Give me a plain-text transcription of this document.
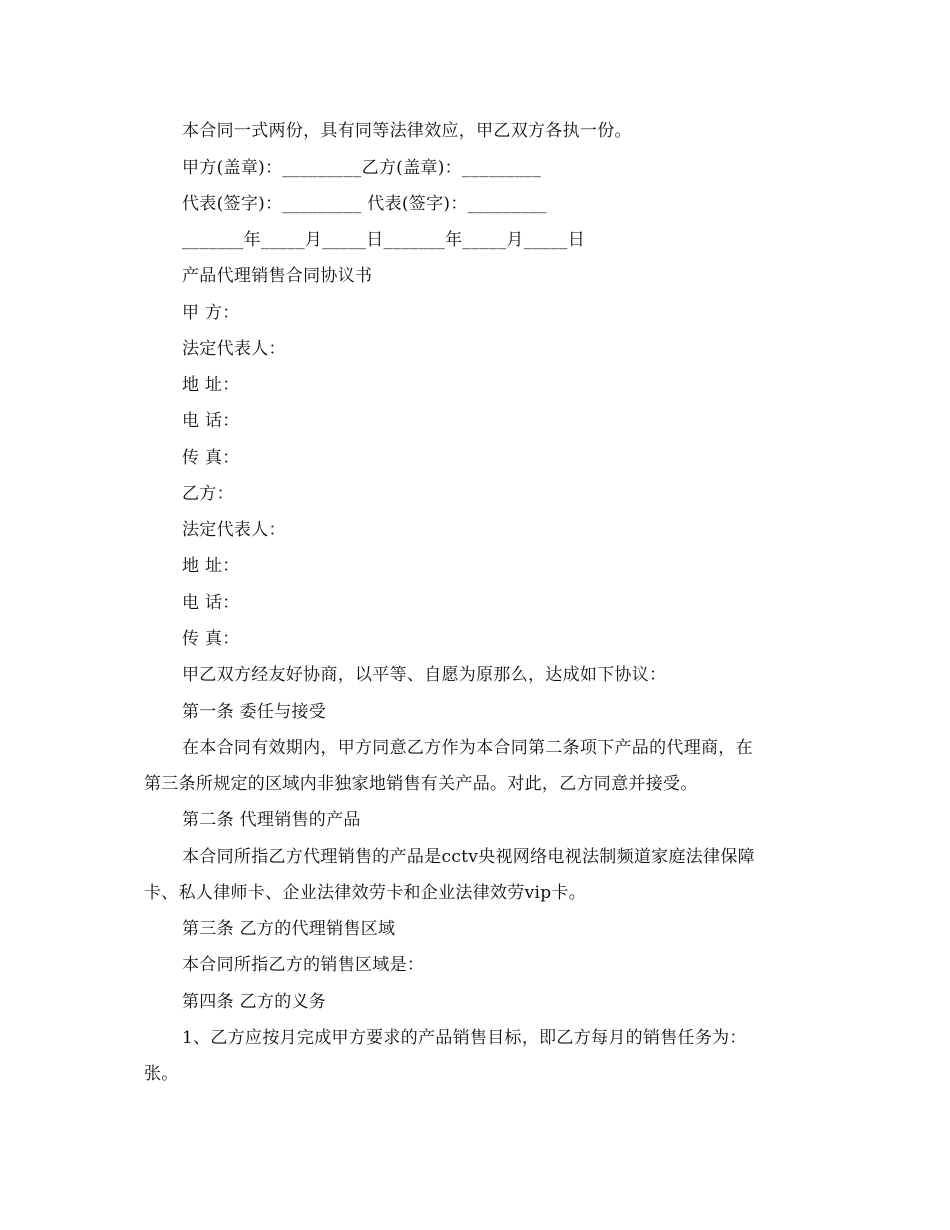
本合同一式两份，具有同等法律效应，甲乙双方各执一份。
甲方(盖章)：_________乙方(盖章)：_________
代表(签字)：_________ 代表(签字)：_________
_______年_____月_____日_______年_____月_____日
产品代理销售合同协议书
甲 方：
法定代表人：
地 址：
电 话：
传 真：
乙方：
法定代表人：
地 址：
电 话：
传 真：
甲乙双方经友好协商，以平等、自愿为原那么，达成如下协议：
第一条 委任与接受
在本合同有效期内，甲方同意乙方作为本合同第二条项下产品的代理商，在
第三条所规定的区域内非独家地销售有关产品。对此，乙方同意并接受。
第二条 代理销售的产品
本合同所指乙方代理销售的产品是cctv央视网络电视法制频道家庭法律保障
卡、私人律师卡、企业法律效劳卡和企业法律效劳vip卡。
第三条 乙方的代理销售区域
本合同所指乙方的销售区域是：
第四条 乙方的义务
1、乙方应按月完成甲方要求的产品销售目标，即乙方每月的销售任务为：
张。
